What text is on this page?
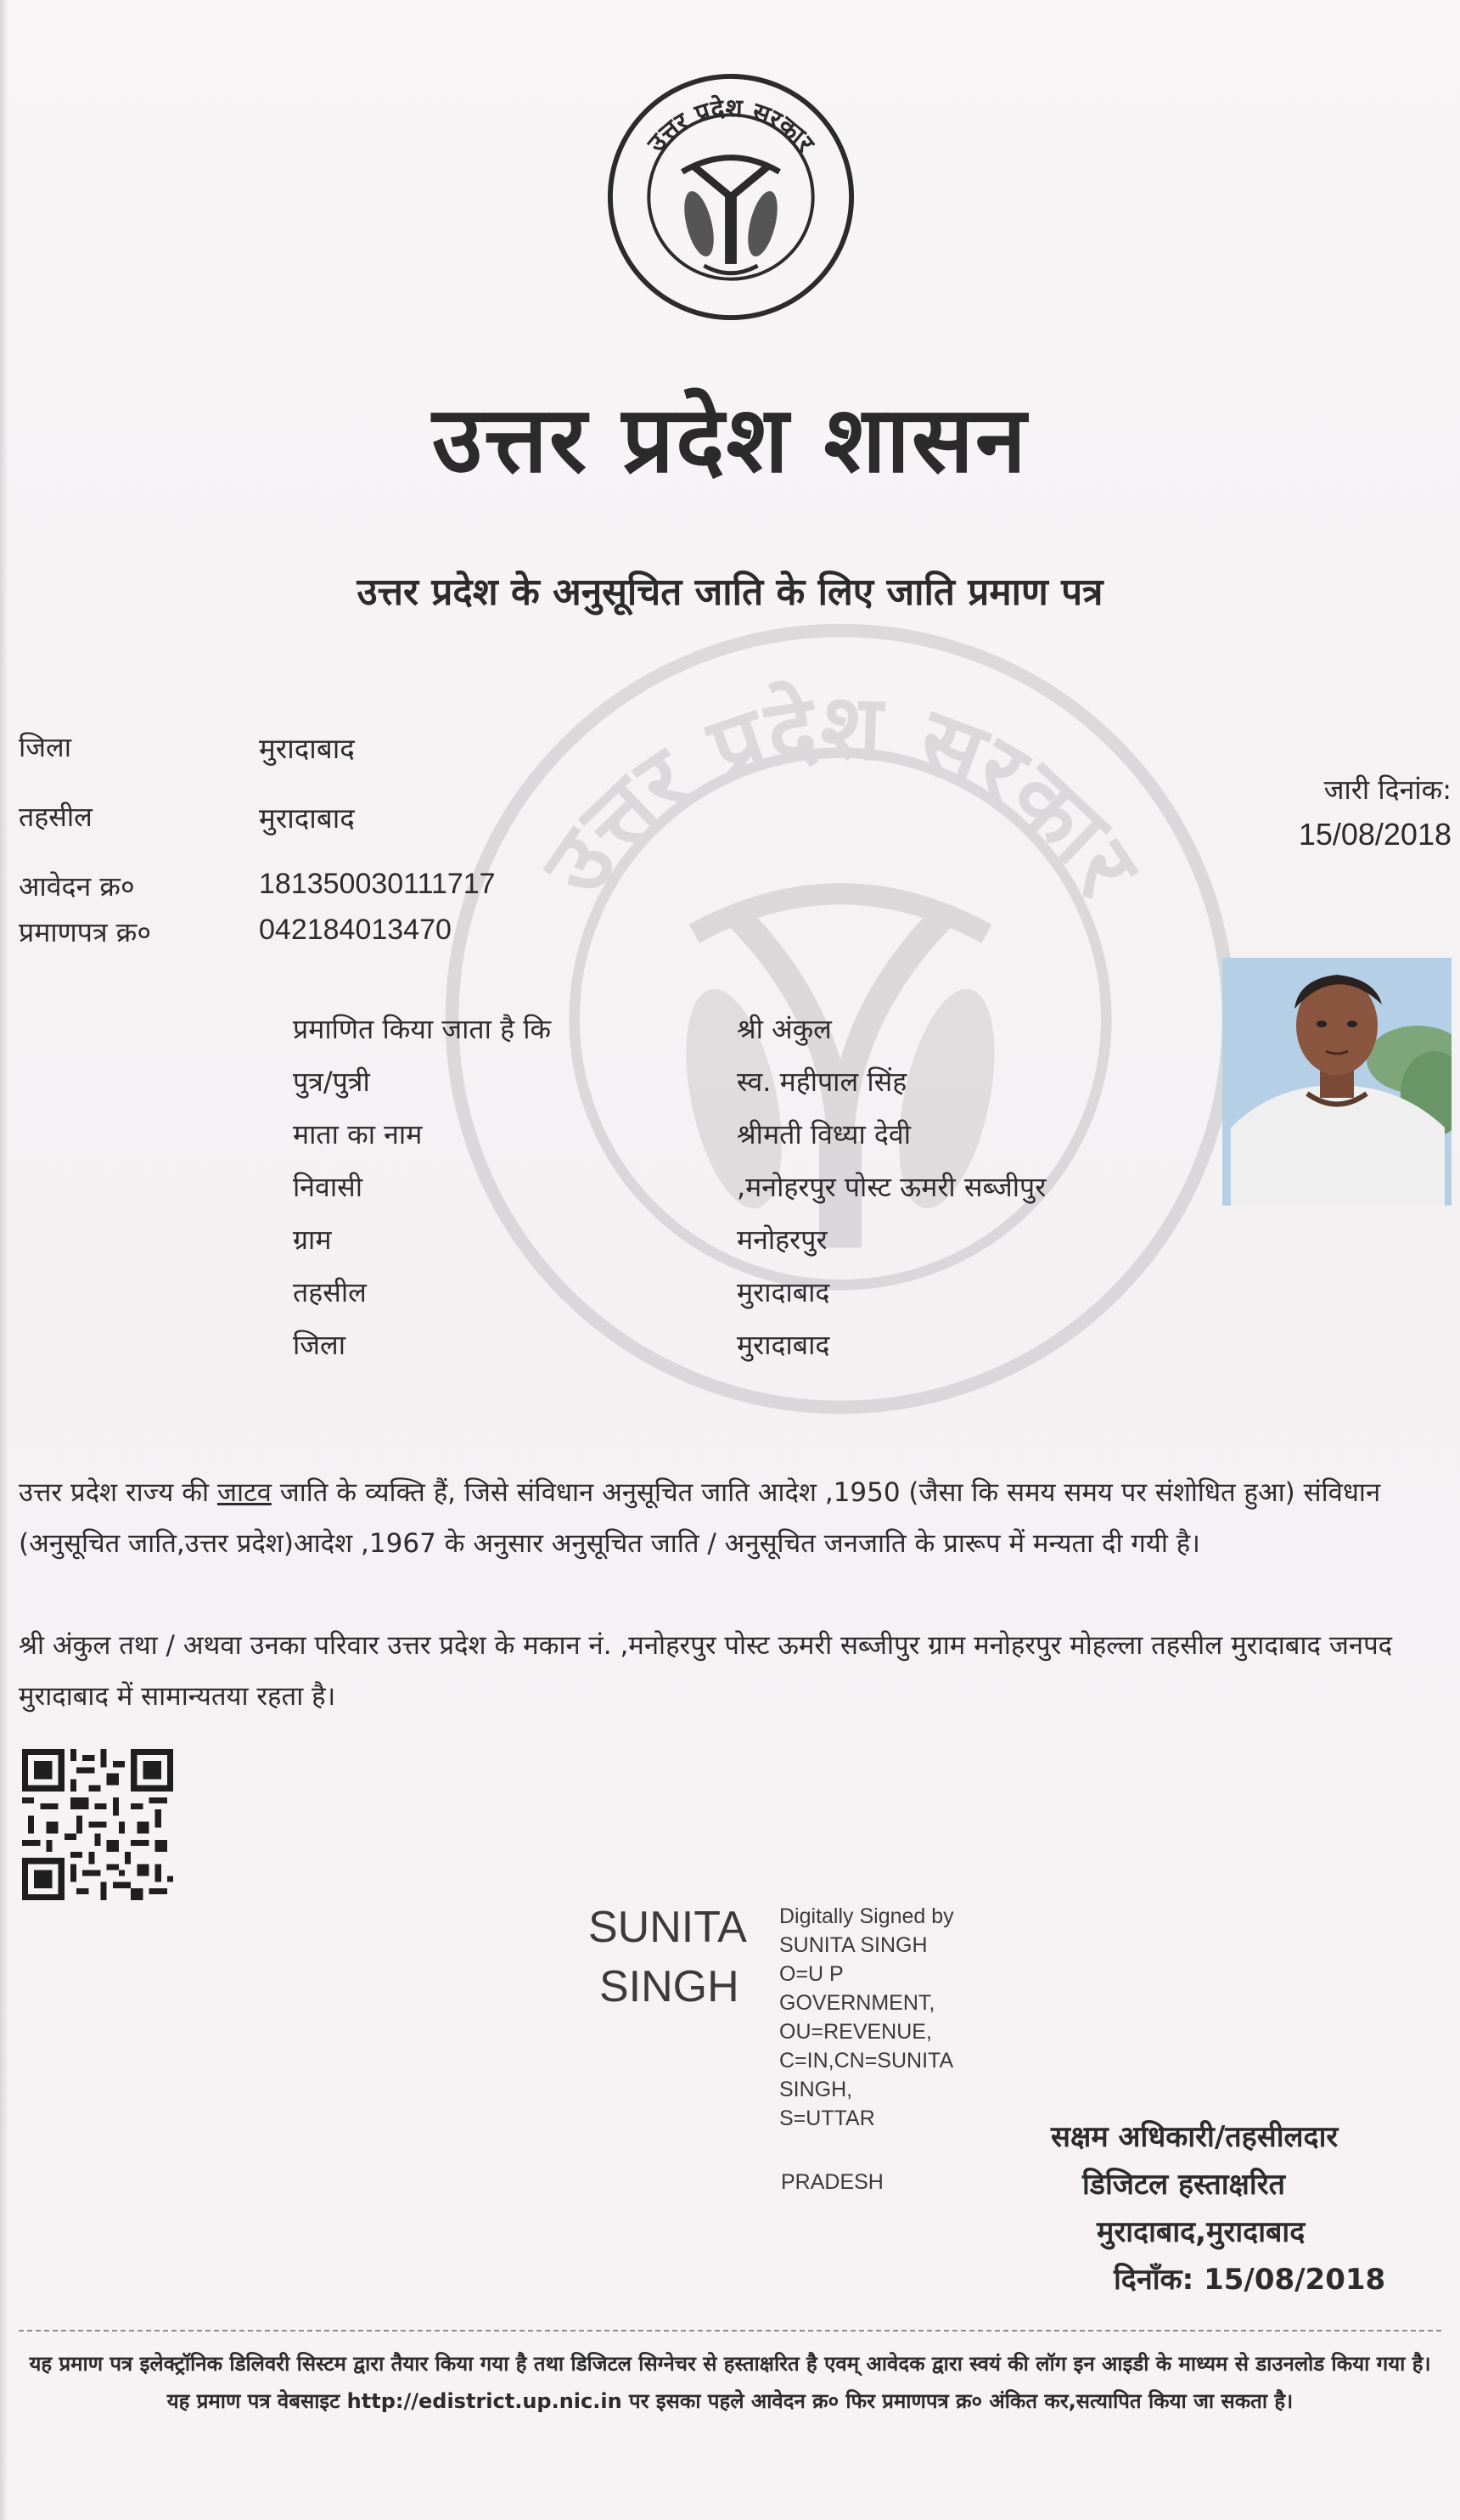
उत्तर प्रदेश सरकार
उत्तर प्रदेश सरकार
उत्तर प्रदेश शासन
उत्तर प्रदेश के अनुसूचित जाति के लिए जाति प्रमाण पत्र
जिला	मुरादाबाद
तहसील	मुरादाबाद
आवेदन क्र०	181350030111717
प्रमाणपत्र क्र०	042184013470
जारी दिनांक:
15/08/2018
प्रमाणित किया जाता है कि	श्री अंकुल
पुत्र/पुत्री	स्व. महीपाल सिंह
माता का नाम	श्रीमती विध्या देवी
निवासी	,मनोहरपुर पोस्ट ऊमरी सब्जीपुर
ग्राम	मनोहरपुर
तहसील	मुरादाबाद
जिला	मुरादाबाद
उत्तर प्रदेश राज्य की जाटव जाति के व्यक्ति हैं, जिसे संविधान अनुसूचित जाति आदेश ,1950 (जैसा कि समय समय पर संशोधित हुआ) संविधान (अनुसूचित जाति,उत्तर प्रदेश)आदेश ,1967 के अनुसार अनुसूचित जाति / अनुसूचित जनजाति के प्रारूप में मन्यता दी गयी है।
श्री अंकुल तथा / अथवा उनका परिवार उत्तर प्रदेश के मकान नं. ,मनोहरपुर पोस्ट ऊमरी सब्जीपुर ग्राम मनोहरपुर मोहल्ला तहसील मुरादाबाद जनपद मुरादाबाद में सामान्यतया रहता है।
SUNITA
SINGH
Digitally Signed by
SUNITA SINGH
O=U P
GOVERNMENT,
OU=REVENUE,
C=IN,CN=SUNITA
SINGH,
S=UTTAR
PRADESH
सक्षम अधिकारी/तहसीलदार
डिजिटल हस्ताक्षरित
मुरादाबाद,मुरादाबाद
दिनाँक: 15/08/2018
यह प्रमाण पत्र इलेक्ट्रॉनिक डिलिवरी सिस्टम द्वारा तैयार किया गया है तथा डिजिटल सिग्नेचर से हस्ताक्षरित है एवम् आवेदक द्वारा स्वयं की लॉग इन आइडी के माध्यम से डाउनलोड किया गया है। यह प्रमाण पत्र वेबसाइट http://edistrict.up.nic.in पर इसका पहले आवेदन क्र० फिर प्रमाणपत्र क्र० अंकित कर,सत्यापित किया जा सकता है।
